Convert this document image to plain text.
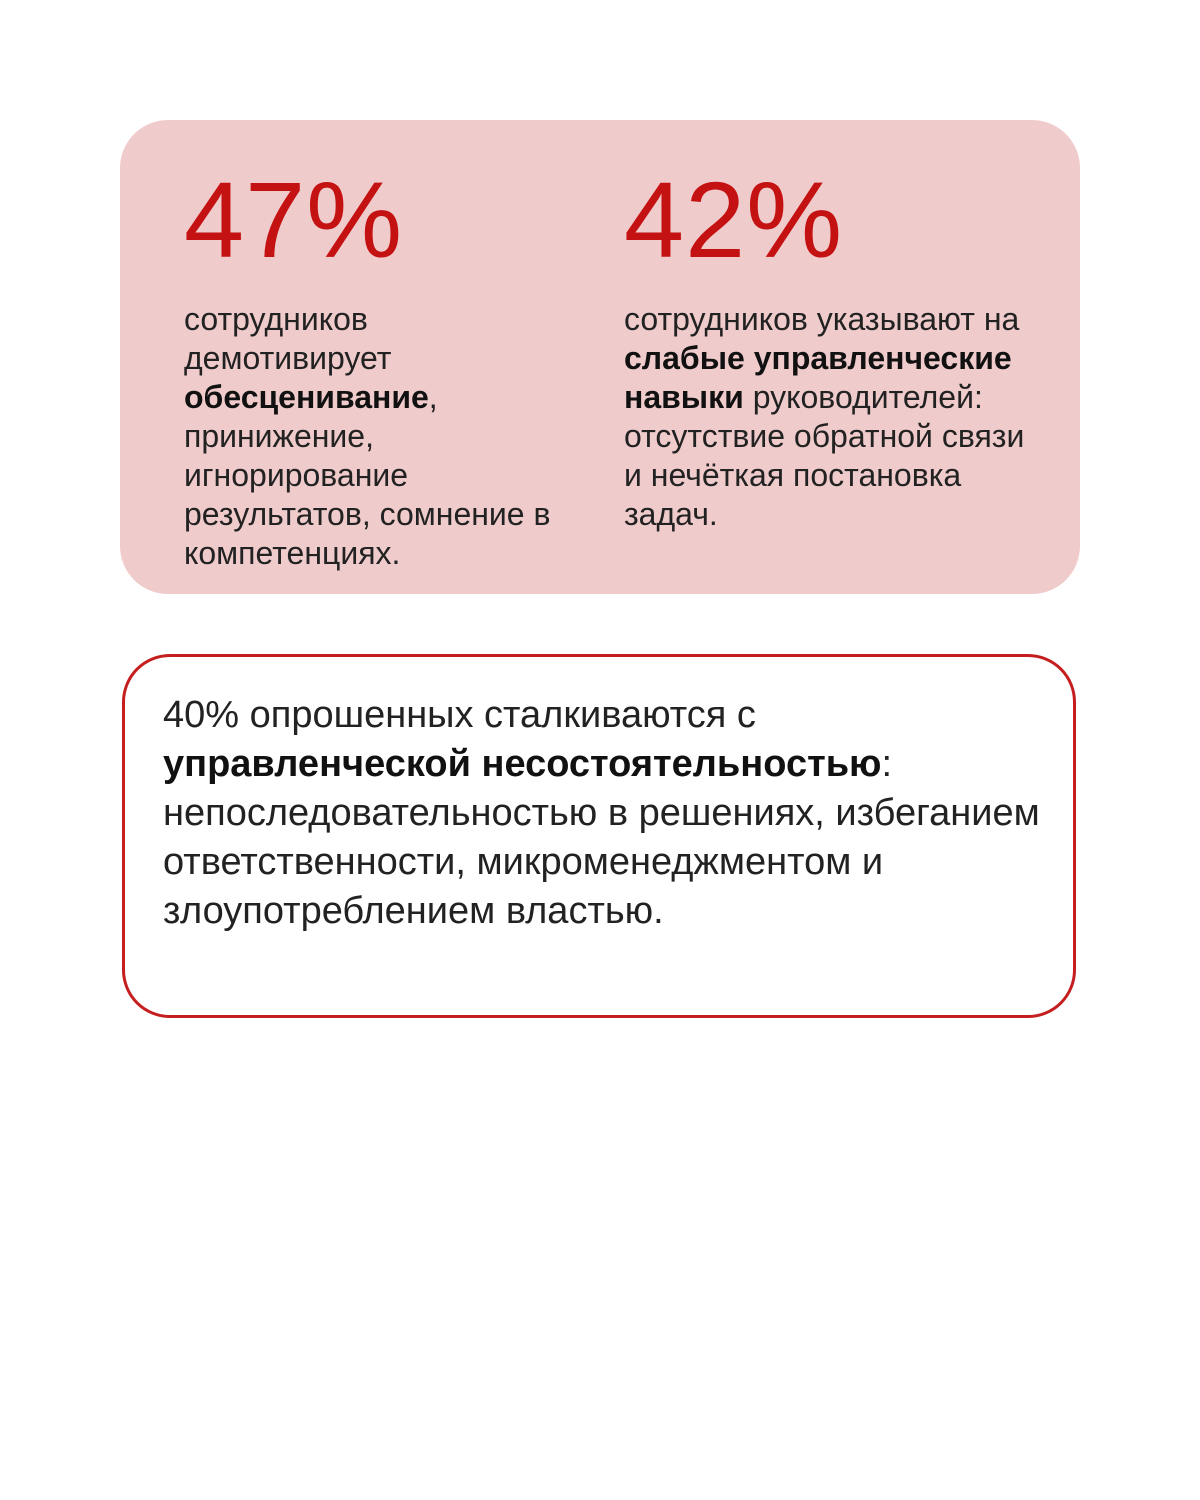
47%
сотрудников демотивирует обесценивание, принижение, игнорирование результатов, сомнение в компетенциях.
42%
сотрудников указывают на слабые управленческие навыки руководителей: отсутствие обратной связи и нечёткая постановка задач.
40% опрошенных сталкиваются с управленческой несостоятельностью: непоследовательностью в решениях, избеганием ответственности, микроменеджментом и злоупотреблением властью.
